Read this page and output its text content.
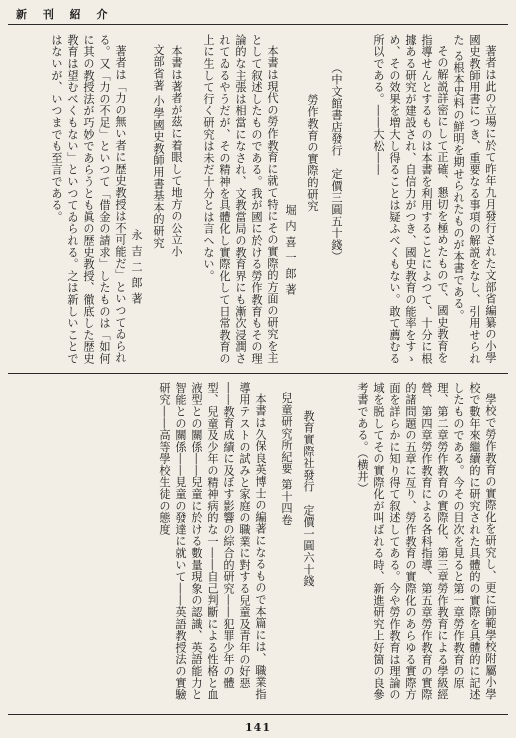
新 刊 紹 介

著者は此の立場に於て昨年九月發行された文部省編纂の小學國史教師用書につき、重要なる事項の解説をなし、引用せられた る根本史料の鮮明を期せられたものが本書である。

その解説詳密にして正確、懇切を極めたもので、國史教育を指導せんとするものは本書を利用することによつて、十分に根據ある研究が建設され、自信力がつき、國史教育の能率をすゝめ、その效果を増大し得ることは疑ふべくもない。敢て薦むる所以である。――大松――

（中文館書店發行　定價三圓五十錢）
勞作教育の實際的研究
堀 内 喜 一 郎 著

本書は現代の勞作教育に就て特にその實際的方面の研究を主として叙述したものである。我が國に於ける勞作教育もその理論的な主張は相當になされ、文教當局の教育界にも漸次浸潤されてゐるやうだが、その精神を具體化し實際化して日常教育の上に生して行く研究は未だ十分とは言へない。

本書は著者が茲に着眼して地方の公立小

文部省著 小學國史教師用書基本的研究
永 吉 二 郎 著

著者は「力の無い者に歴史教授は不可能だ」といつてゐられる。又「力の不足」といつて「借金の請求」したものは「如何に其の教授法が巧妙であらうとも眞の歴史教授、徹底した歴史教育は望むべくもない」といつてゐられる。之は新しいことではないが、いつまでも至言である。

學校で勞作教育の實際化を研究し、更に師範學校附屬小學校で數年來繼續的に研究された具體的の實際を具體的に記述したものである。今その目次を見ると第一章勞作教育の原理、第二章勞作教育の實際化、第三章勞作教育による學級經營、第四章勞作教育による各科指導、第五章勞作教育の實際的諸問題の五章に亙り、勞作教育の實際化のあらゆる實際方面を詳らかに知り得て叙述してある。今や勞作教育は理論の域を脱してその實際化が叫ばれる時、新進研究上好箇の良參考書である。（横井）

教育實際社發行　定價一圓六十錢
兒童研究所紀要 第十四卷

本書は久保良英博士の編著になるもので本篇には、職業指導用テストの試みと家庭の職業に對する兒童及青年の好惡――教育成績に及ぼす影響の綜合的研究――犯罪少年の體型、兒童及少年の精神病的な一――自己判斷による性格と血液型との關係――兒童に於ける數量現象の認識、英語能力と智能との關係――見童の發達に就いて――英語教授法の實驗研究――高等學校生徒の態度

141
